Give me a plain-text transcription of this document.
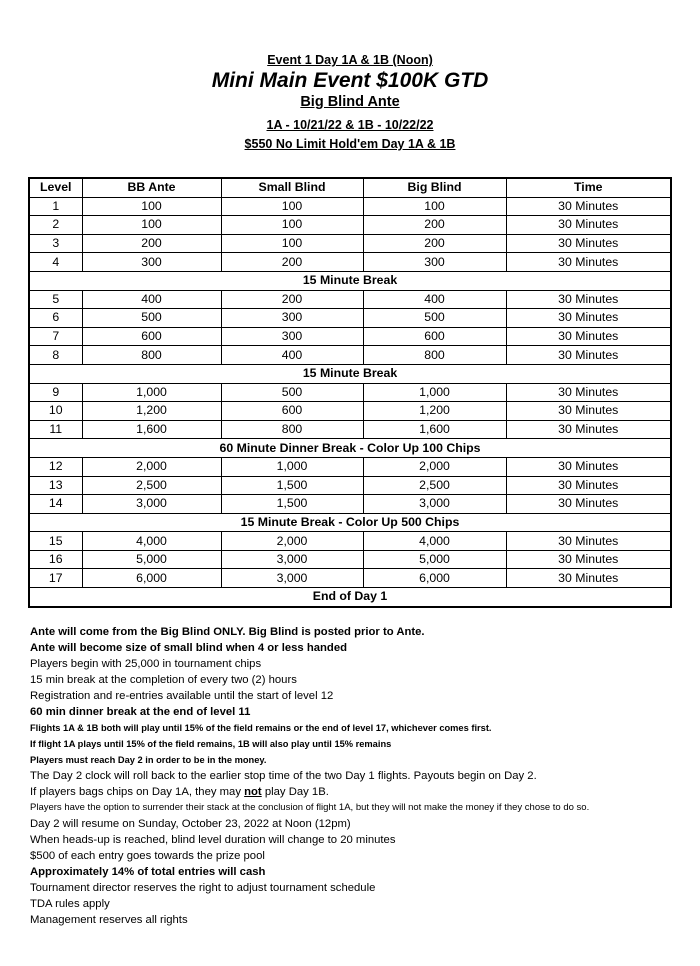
Event 1 Day 1A & 1B (Noon)
Mini Main Event $100K GTD
Big Blind Ante
1A - 10/21/22 & 1B - 10/22/22
$550 No Limit Hold'em Day 1A & 1B
Level	BB Ante	Small Blind	Big Blind	Time
1	100	100	100	30 Minutes
2	100	100	200	30 Minutes
3	200	100	200	30 Minutes
4	300	200	300	30 Minutes
15 Minute Break				
5	400	200	400	30 Minutes
6	500	300	500	30 Minutes
7	600	300	600	30 Minutes
8	800	400	800	30 Minutes
15 Minute Break				
9	1,000	500	1,000	30 Minutes
10	1,200	600	1,200	30 Minutes
11	1,600	800	1,600	30 Minutes
60 Minute Dinner Break - Color Up 100 Chips				
12	2,000	1,000	2,000	30 Minutes
13	2,500	1,500	2,500	30 Minutes
14	3,000	1,500	3,000	30 Minutes
15 Minute Break - Color Up 500 Chips				
15	4,000	2,000	4,000	30 Minutes
16	5,000	3,000	5,000	30 Minutes
17	6,000	3,000	6,000	30 Minutes
End of Day 1				
Ante will come from the Big Blind ONLY. Big Blind is posted prior to Ante.
Ante will become size of small blind when 4 or less handed
Players begin with 25,000 in tournament chips
15 min break at the completion of every two (2) hours
Registration and re-entries available until the start of level 12
60 min dinner break at the end of level 11
Flights 1A & 1B both will play until 15% of the field remains or the end of level 17, whichever comes first.
If flight 1A plays until 15% of the field remains, 1B will also play until 15% remains
Players must reach Day 2 in order to be in the money.
The Day 2 clock will roll back to the earlier stop time of the two Day 1 flights. Payouts begin on Day 2.
If players bags chips on Day 1A, they may not play Day 1B.
Players have the option to surrender their stack at the conclusion of flight 1A, but they will not make the money if they chose to do so.
Day 2 will resume on Sunday, October 23, 2022 at Noon (12pm)
When heads-up is reached, blind level duration will change to 20 minutes
$500 of each entry goes towards the prize pool
Approximately 14% of total entries will cash
Tournament director reserves the right to adjust tournament schedule
TDA rules apply
Management reserves all rights
